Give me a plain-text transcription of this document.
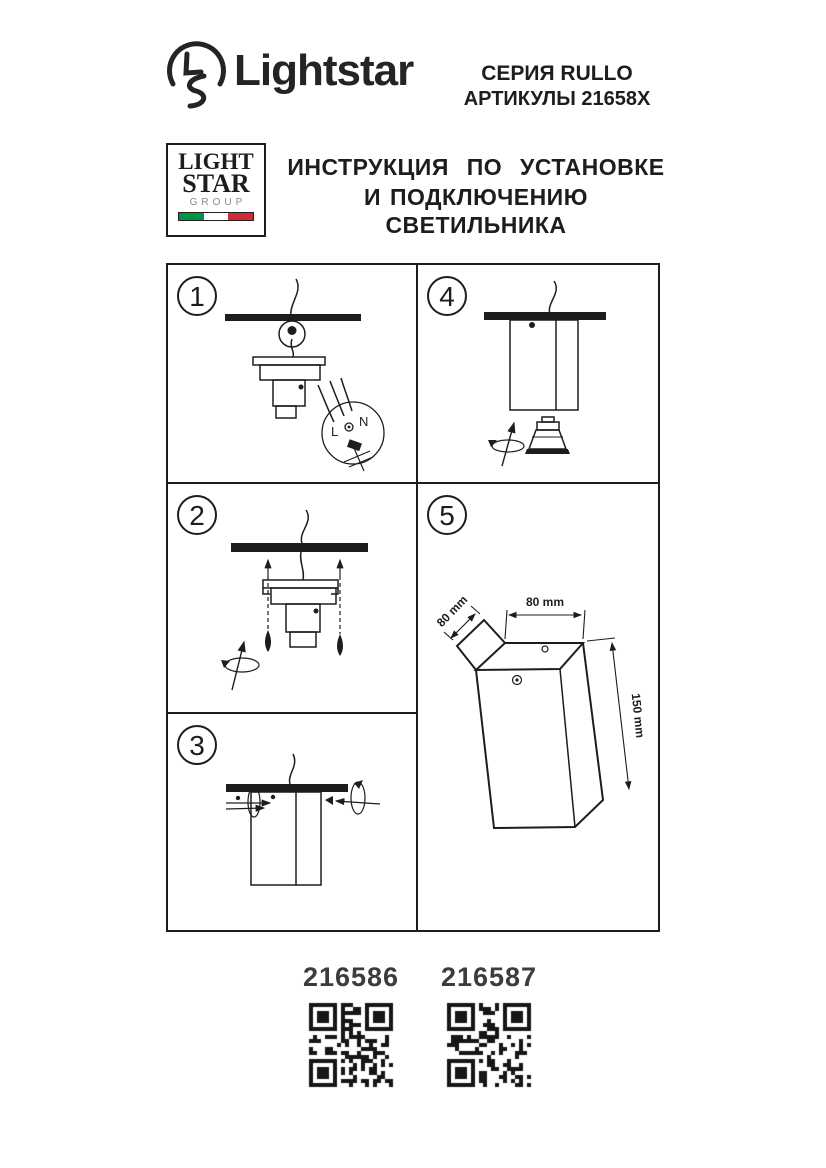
Lightstar	СЕРИЯ RULLO
АРТИКУЛЫ 21658X
LIGHT
STAR
GROUP
ИНСТРУКЦИЯ ПО УСТАНОВКЕ
И ПОДКЛЮЧЕНИЮ СВЕТИЛЬНИКА
1
L
N
2
3
4
5
80 mm
80 mm
150 mm
216586	216587
